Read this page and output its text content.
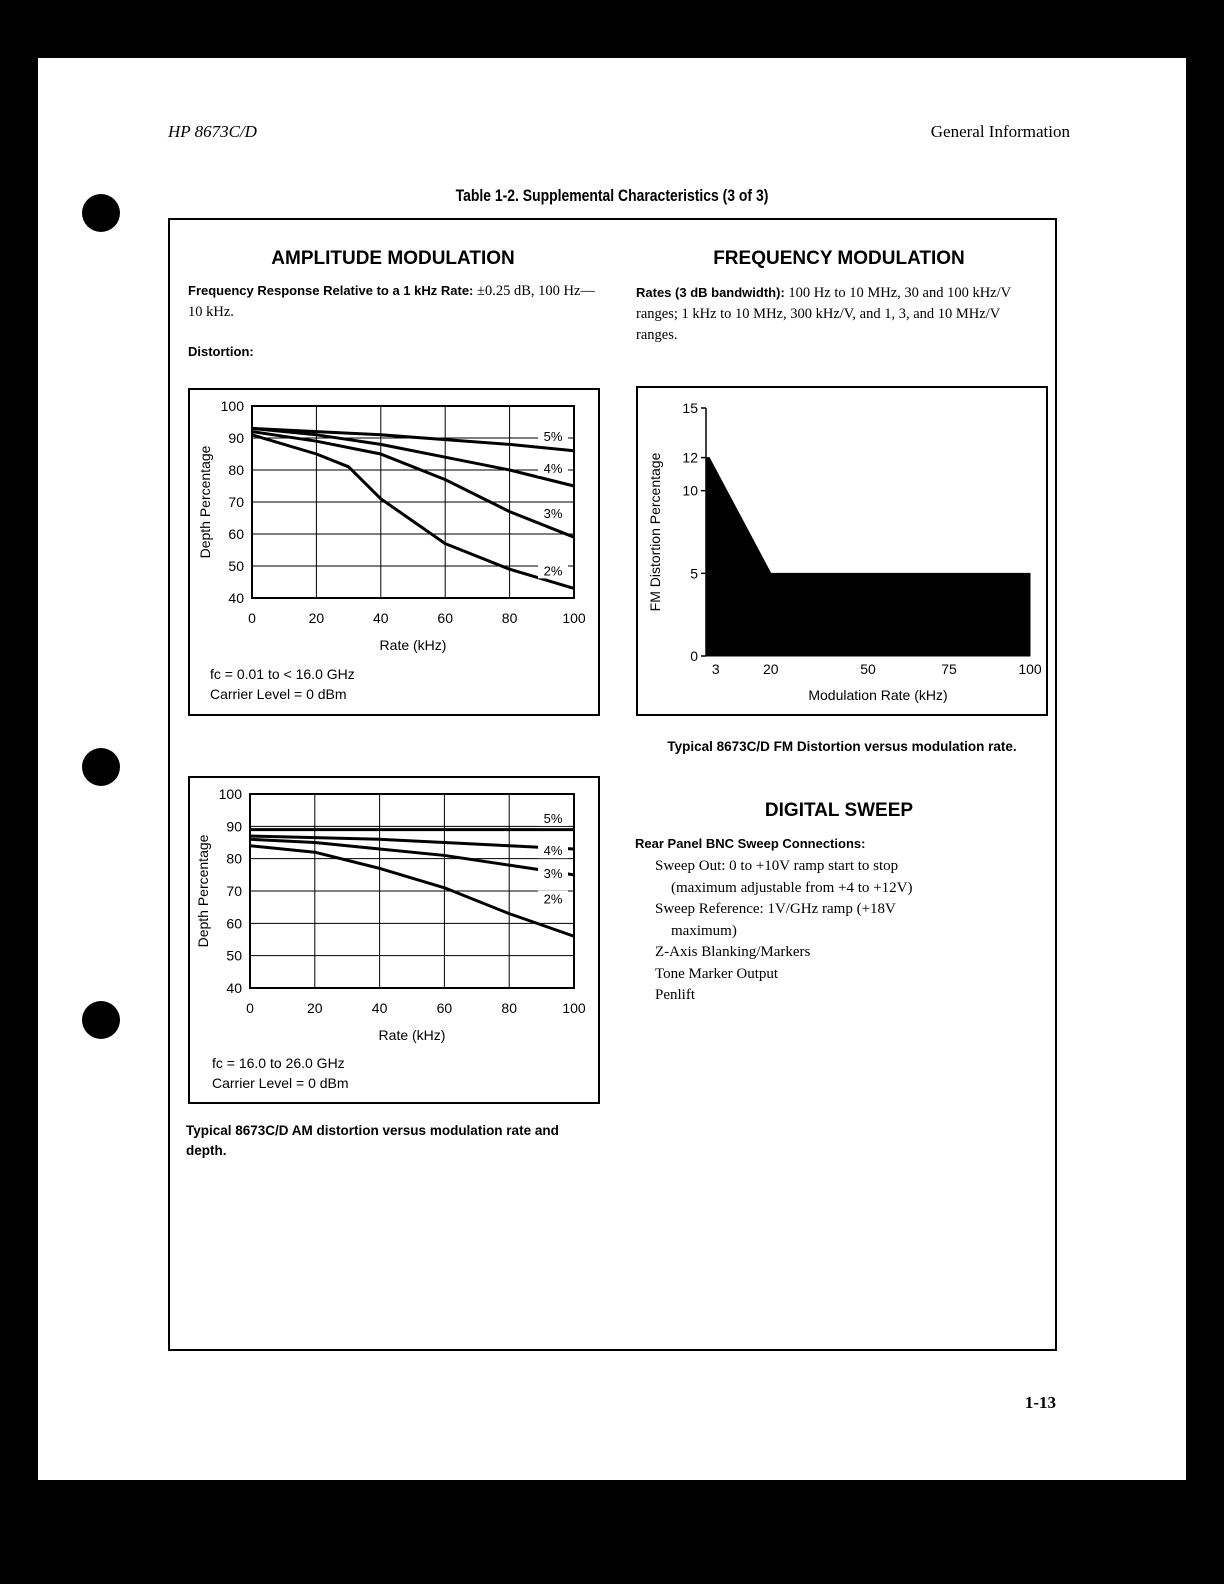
HP 8673C/D	General Information
Table 1-2. Supplemental Characteristics (3 of 3)
AMPLITUDE MODULATION
Frequency Response Relative to a 1 kHz Rate: ±0.25 dB, 100 Hz—10 kHz.
Distortion:
0	20	40	60	80	100
40
50
60
70
80
90
100
Rate (kHz)
Depth Percentage
5%
4%
3%
2%
fc = 0.01 to < 16.0 GHz
Carrier Level = 0 dBm
0	20	40	60	80	100
40
50
60
70
80
90
100
Rate (kHz)
Depth Percentage
5%
4%
3%
2%
fc = 16.0 to 26.0 GHz
Carrier Level = 0 dBm
Typical 8673C/D AM distortion versus modulation rate and depth.
FREQUENCY MODULATION
Rates (3 dB bandwidth): 100 Hz to 10 MHz, 30 and 100 kHz/V ranges; 1 kHz to 10 MHz, 300 kHz/V, and 1, 3, and 10 MHz/V ranges.
0
5
10
12
15
3	20	50	75	100
Modulation Rate (kHz)
FM Distortion Percentage
Typical 8673C/D FM Distortion versus modulation rate.
DIGITAL SWEEP
Rear Panel BNC Sweep Connections:
Sweep Out: 0 to +10V ramp start to stop
(maximum adjustable from +4 to +12V)
Sweep Reference: 1V/GHz ramp (+18V
maximum)
Z-Axis Blanking/Markers
Tone Marker Output
Penlift
1-13
